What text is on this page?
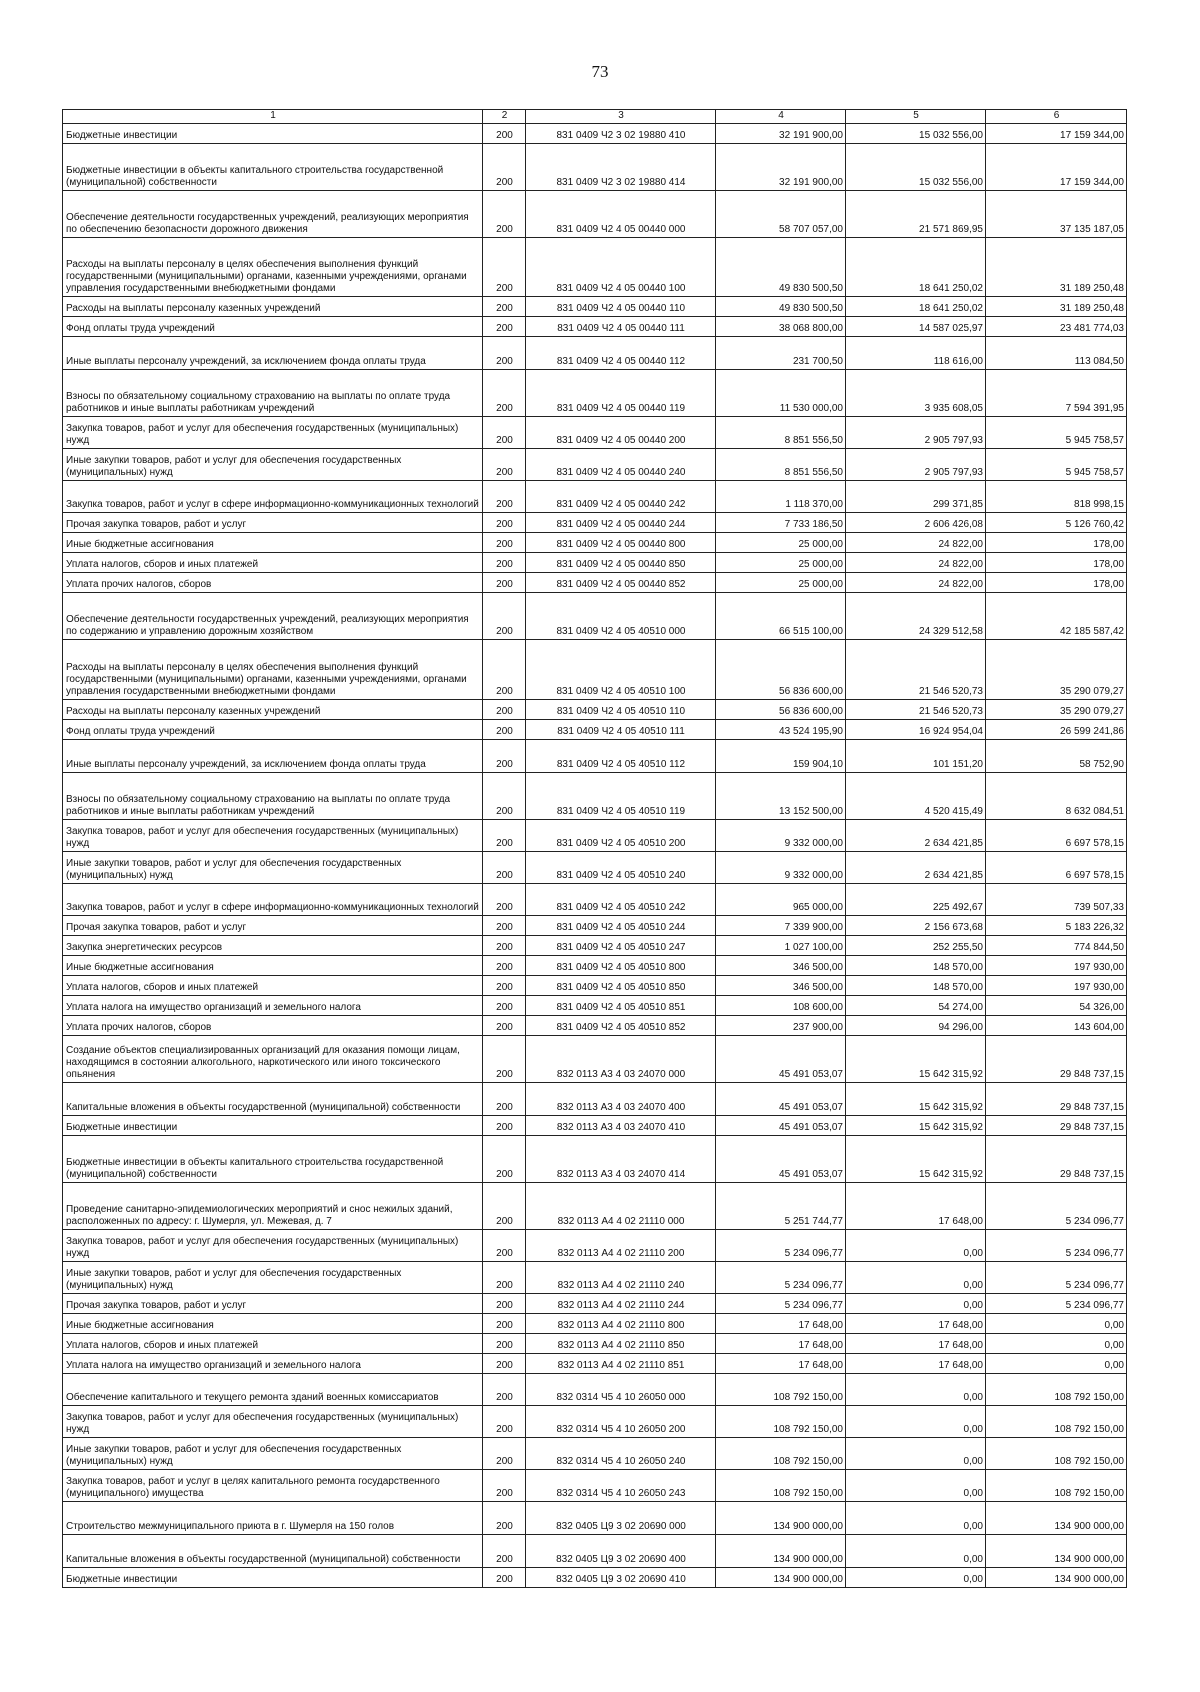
73
1	2	3	4	5	6
Бюджетные инвестиции	200	831 0409 Ч2 3 02 19880 410	32 191 900,00	15 032 556,00	17 159 344,00
Бюджетные инвестиции в объекты капитального строительства государственной (муниципальной) собственности	200	831 0409 Ч2 3 02 19880 414	32 191 900,00	15 032 556,00	17 159 344,00
Обеспечение деятельности государственных учреждений, реализующих мероприятия по обеспечению безопасности дорожного движения	200	831 0409 Ч2 4 05 00440 000	58 707 057,00	21 571 869,95	37 135 187,05
Расходы на выплаты персоналу в целях обеспечения выполнения функций государственными (муниципальными) органами, казенными учреждениями, органами управления государственными внебюджетными фондами	200	831 0409 Ч2 4 05 00440 100	49 830 500,50	18 641 250,02	31 189 250,48
Расходы на выплаты персоналу казенных учреждений	200	831 0409 Ч2 4 05 00440 110	49 830 500,50	18 641 250,02	31 189 250,48
Фонд оплаты труда учреждений	200	831 0409 Ч2 4 05 00440 111	38 068 800,00	14 587 025,97	23 481 774,03
Иные выплаты персоналу учреждений, за исключением фонда оплаты труда	200	831 0409 Ч2 4 05 00440 112	231 700,50	118 616,00	113 084,50
Взносы по обязательному социальному страхованию на выплаты по оплате труда работников и иные выплаты работникам учреждений	200	831 0409 Ч2 4 05 00440 119	11 530 000,00	3 935 608,05	7 594 391,95
Закупка товаров, работ и услуг для обеспечения государственных (муниципальных) нужд	200	831 0409 Ч2 4 05 00440 200	8 851 556,50	2 905 797,93	5 945 758,57
Иные закупки товаров, работ и услуг для обеспечения государственных (муниципальных) нужд	200	831 0409 Ч2 4 05 00440 240	8 851 556,50	2 905 797,93	5 945 758,57
Закупка товаров, работ и услуг в сфере информационно-коммуникационных технологий	200	831 0409 Ч2 4 05 00440 242	1 118 370,00	299 371,85	818 998,15
Прочая закупка товаров, работ и услуг	200	831 0409 Ч2 4 05 00440 244	7 733 186,50	2 606 426,08	5 126 760,42
Иные бюджетные ассигнования	200	831 0409 Ч2 4 05 00440 800	25 000,00	24 822,00	178,00
Уплата налогов, сборов и иных платежей	200	831 0409 Ч2 4 05 00440 850	25 000,00	24 822,00	178,00
Уплата прочих налогов, сборов	200	831 0409 Ч2 4 05 00440 852	25 000,00	24 822,00	178,00
Обеспечение деятельности государственных учреждений, реализующих мероприятия по содержанию и управлению дорожным хозяйством	200	831 0409 Ч2 4 05 40510 000	66 515 100,00	24 329 512,58	42 185 587,42
Расходы на выплаты персоналу в целях обеспечения выполнения функций государственными (муниципальными) органами, казенными учреждениями, органами управления государственными внебюджетными фондами	200	831 0409 Ч2 4 05 40510 100	56 836 600,00	21 546 520,73	35 290 079,27
Расходы на выплаты персоналу казенных учреждений	200	831 0409 Ч2 4 05 40510 110	56 836 600,00	21 546 520,73	35 290 079,27
Фонд оплаты труда учреждений	200	831 0409 Ч2 4 05 40510 111	43 524 195,90	16 924 954,04	26 599 241,86
Иные выплаты персоналу учреждений, за исключением фонда оплаты труда	200	831 0409 Ч2 4 05 40510 112	159 904,10	101 151,20	58 752,90
Взносы по обязательному социальному страхованию на выплаты по оплате труда работников и иные выплаты работникам учреждений	200	831 0409 Ч2 4 05 40510 119	13 152 500,00	4 520 415,49	8 632 084,51
Закупка товаров, работ и услуг для обеспечения государственных (муниципальных) нужд	200	831 0409 Ч2 4 05 40510 200	9 332 000,00	2 634 421,85	6 697 578,15
Иные закупки товаров, работ и услуг для обеспечения государственных (муниципальных) нужд	200	831 0409 Ч2 4 05 40510 240	9 332 000,00	2 634 421,85	6 697 578,15
Закупка товаров, работ и услуг в сфере информационно-коммуникационных технологий	200	831 0409 Ч2 4 05 40510 242	965 000,00	225 492,67	739 507,33
Прочая закупка товаров, работ и услуг	200	831 0409 Ч2 4 05 40510 244	7 339 900,00	2 156 673,68	5 183 226,32
Закупка энергетических ресурсов	200	831 0409 Ч2 4 05 40510 247	1 027 100,00	252 255,50	774 844,50
Иные бюджетные ассигнования	200	831 0409 Ч2 4 05 40510 800	346 500,00	148 570,00	197 930,00
Уплата налогов, сборов и иных платежей	200	831 0409 Ч2 4 05 40510 850	346 500,00	148 570,00	197 930,00
Уплата налога на имущество организаций и земельного налога	200	831 0409 Ч2 4 05 40510 851	108 600,00	54 274,00	54 326,00
Уплата прочих налогов, сборов	200	831 0409 Ч2 4 05 40510 852	237 900,00	94 296,00	143 604,00
Создание объектов специализированных организаций для оказания помощи лицам, находящимся в состоянии алкогольного, наркотического или иного токсического опьянения	200	832 0113 А3 4 03 24070 000	45 491 053,07	15 642 315,92	29 848 737,15
Капитальные вложения в объекты государственной (муниципальной) собственности	200	832 0113 А3 4 03 24070 400	45 491 053,07	15 642 315,92	29 848 737,15
Бюджетные инвестиции	200	832 0113 А3 4 03 24070 410	45 491 053,07	15 642 315,92	29 848 737,15
Бюджетные инвестиции в объекты капитального строительства государственной (муниципальной) собственности	200	832 0113 А3 4 03 24070 414	45 491 053,07	15 642 315,92	29 848 737,15
Проведение санитарно-эпидемиологических мероприятий и снос нежилых зданий, расположенных по адресу: г. Шумерля, ул. Межевая, д. 7	200	832 0113 А4 4 02 21110 000	5 251 744,77	17 648,00	5 234 096,77
Закупка товаров, работ и услуг для обеспечения государственных (муниципальных) нужд	200	832 0113 А4 4 02 21110 200	5 234 096,77	0,00	5 234 096,77
Иные закупки товаров, работ и услуг для обеспечения государственных (муниципальных) нужд	200	832 0113 А4 4 02 21110 240	5 234 096,77	0,00	5 234 096,77
Прочая закупка товаров, работ и услуг	200	832 0113 А4 4 02 21110 244	5 234 096,77	0,00	5 234 096,77
Иные бюджетные ассигнования	200	832 0113 А4 4 02 21110 800	17 648,00	17 648,00	0,00
Уплата налогов, сборов и иных платежей	200	832 0113 А4 4 02 21110 850	17 648,00	17 648,00	0,00
Уплата налога на имущество организаций и земельного налога	200	832 0113 А4 4 02 21110 851	17 648,00	17 648,00	0,00
Обеспечение капитального и текущего ремонта зданий военных комиссариатов	200	832 0314 Ч5 4 10 26050 000	108 792 150,00	0,00	108 792 150,00
Закупка товаров, работ и услуг для обеспечения государственных (муниципальных) нужд	200	832 0314 Ч5 4 10 26050 200	108 792 150,00	0,00	108 792 150,00
Иные закупки товаров, работ и услуг для обеспечения государственных (муниципальных) нужд	200	832 0314 Ч5 4 10 26050 240	108 792 150,00	0,00	108 792 150,00
Закупка товаров, работ и услуг в целях капитального ремонта государственного (муниципального) имущества	200	832 0314 Ч5 4 10 26050 243	108 792 150,00	0,00	108 792 150,00
Строительство межмуниципального приюта в г. Шумерля на 150 голов	200	832 0405 Ц9 3 02 20690 000	134 900 000,00	0,00	134 900 000,00
Капитальные вложения в объекты государственной (муниципальной) собственности	200	832 0405 Ц9 3 02 20690 400	134 900 000,00	0,00	134 900 000,00
Бюджетные инвестиции	200	832 0405 Ц9 3 02 20690 410	134 900 000,00	0,00	134 900 000,00
